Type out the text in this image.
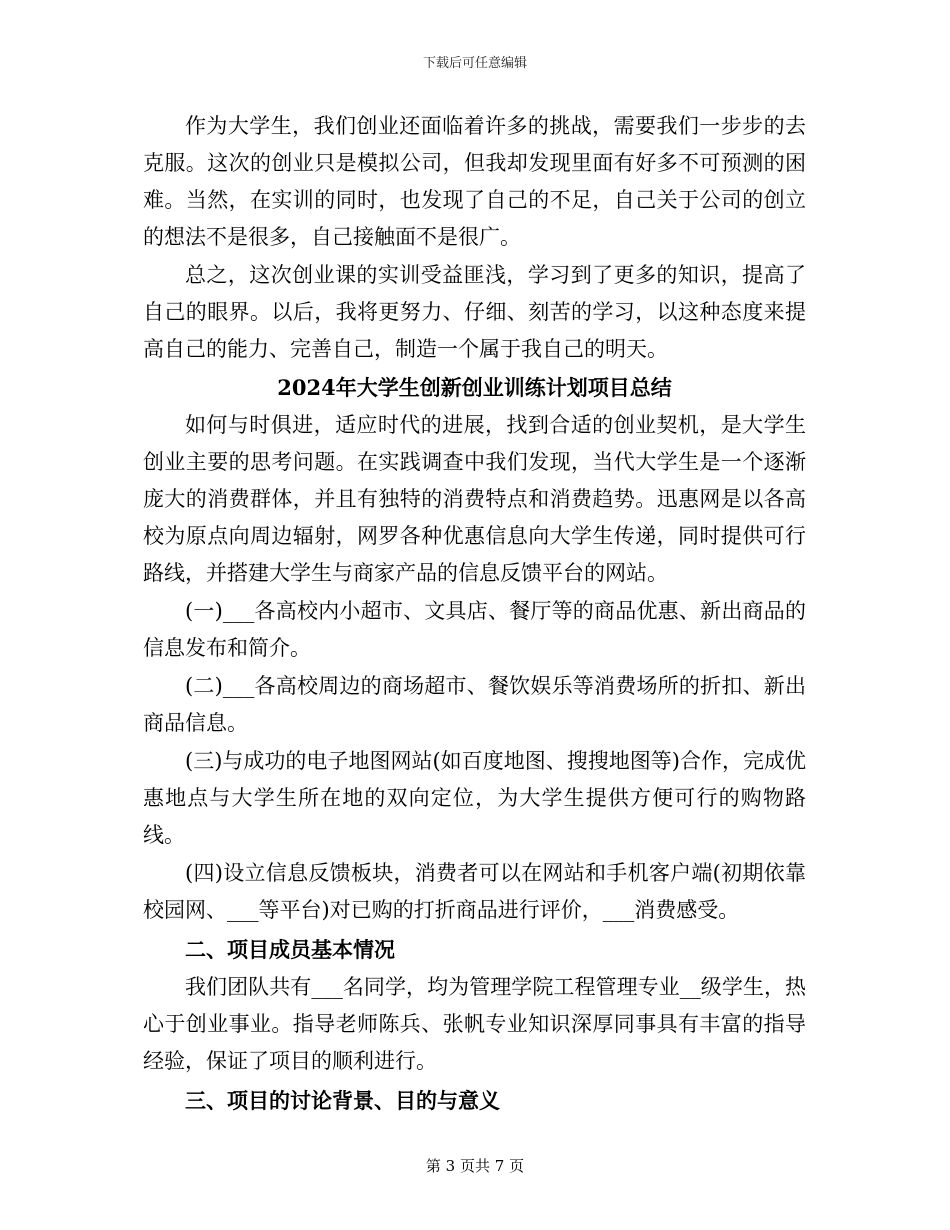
下载后可任意编辑

作为大学生，我们创业还面临着许多的挑战，需要我们一步步的去克服。这次的创业只是模拟公司，但我却发现里面有好多不可预测的困难。当然，在实训的同时，也发现了自己的不足，自己关于公司的创立的想法不是很多，自己接触面不是很广。

总之，这次创业课的实训受益匪浅，学习到了更多的知识，提高了自己的眼界。以后，我将更努力、仔细、刻苦的学习，以这种态度来提高自己的能力、完善自己，制造一个属于我自己的明天。

2024年大学生创新创业训练计划项目总结

如何与时俱进，适应时代的进展，找到合适的创业契机，是大学生创业主要的思考问题。在实践调查中我们发现，当代大学生是一个逐渐庞大的消费群体，并且有独特的消费特点和消费趋势。迅惠网是以各高校为原点向周边辐射，网罗各种优惠信息向大学生传递，同时提供可行路线，并搭建大学生与商家产品的信息反馈平台的网站。

(一)___各高校内小超市、文具店、餐厅等的商品优惠、新出商品的信息发布和简介。

(二)___各高校周边的商场超市、餐饮娱乐等消费场所的折扣、新出商品信息。

(三)与成功的电子地图网站(如百度地图、搜搜地图等)合作，完成优惠地点与大学生所在地的双向定位，为大学生提供方便可行的购物路线。

(四)设立信息反馈板块，消费者可以在网站和手机客户端(初期依靠校园网、___等平台)对已购的打折商品进行评价，___消费感受。

二、项目成员基本情况

我们团队共有___名同学，均为管理学院工程管理专业__级学生，热心于创业事业。指导老师陈兵、张帆专业知识深厚同事具有丰富的指导经验，保证了项目的顺利进行。

三、项目的讨论背景、目的与意义

第 3 页共 7 页
